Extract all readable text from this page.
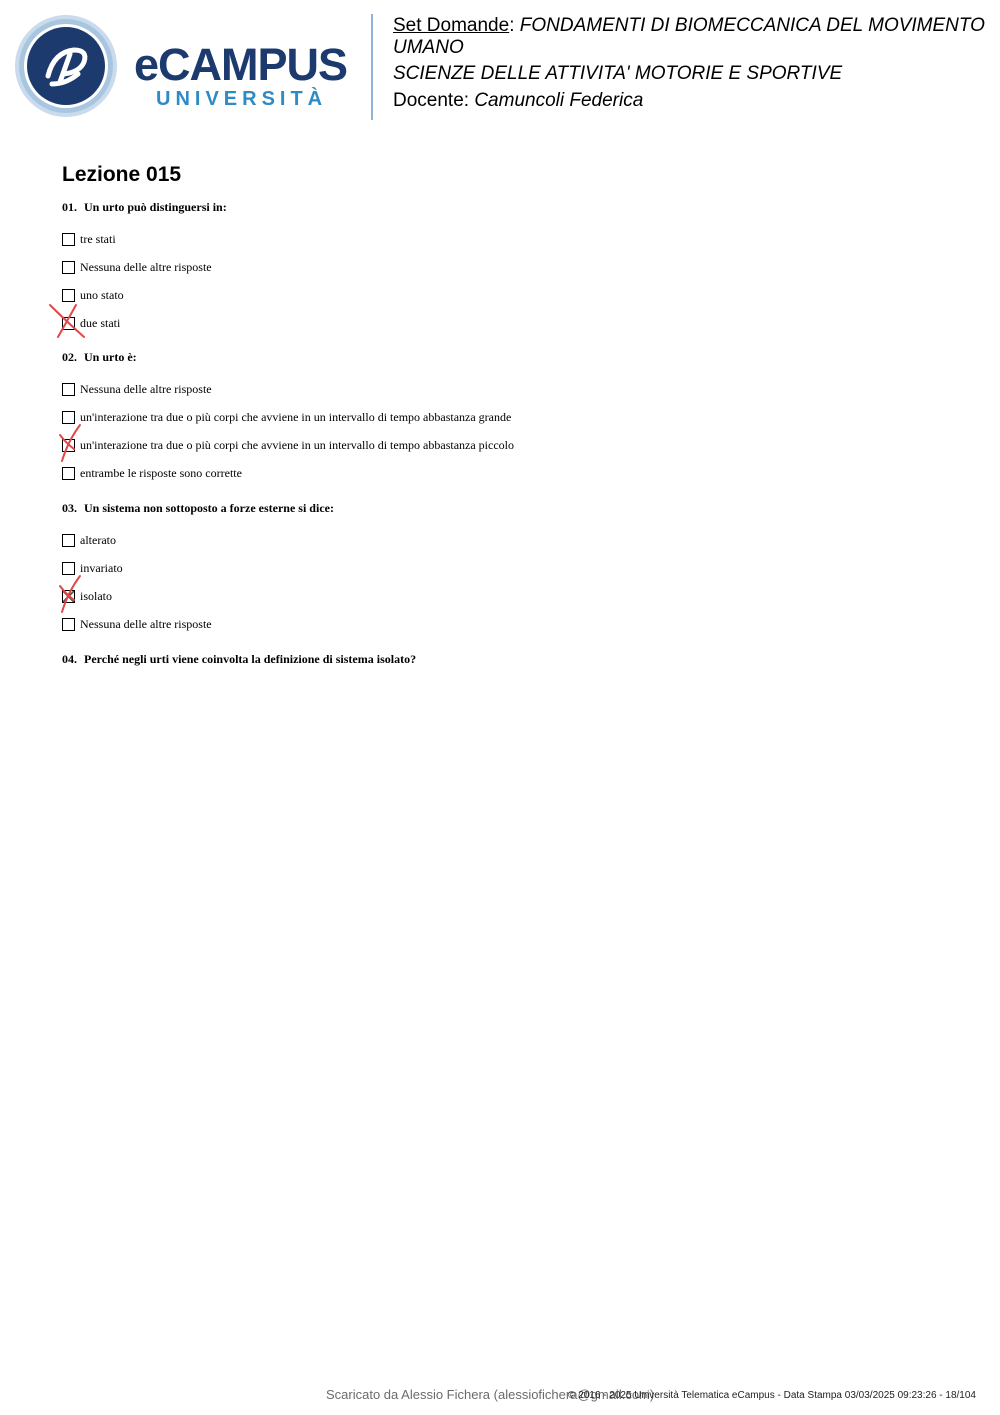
eCAMPUS
UNIVERSITÀ
Set Domande: FONDAMENTI DI BIOMECCANICA DEL MOVIMENTO UMANO
SCIENZE DELLE ATTIVITA' MOTORIE E SPORTIVE
Docente: Camuncoli Federica
Lezione 015
01. Un urto può distinguersi in:
tre stati
Nessuna delle altre risposte
uno stato
due stati
02. Un urto è:
Nessuna delle altre risposte
un'interazione tra due o più corpi che avviene in un intervallo di tempo abbastanza grande
un'interazione tra due o più corpi che avviene in un intervallo di tempo abbastanza piccolo
entrambe le risposte sono corrette
03. Un sistema non sottoposto a forze esterne si dice:
alterato
invariato
isolato
Nessuna delle altre risposte
04. Perché negli urti viene coinvolta la definizione di sistema isolato?
Scaricato da Alessio Fichera (alessiofichera@gmail.com)
© 2016 - 2025 Università Telematica eCampus - Data Stampa 03/03/2025 09:23:26 - 18/104
